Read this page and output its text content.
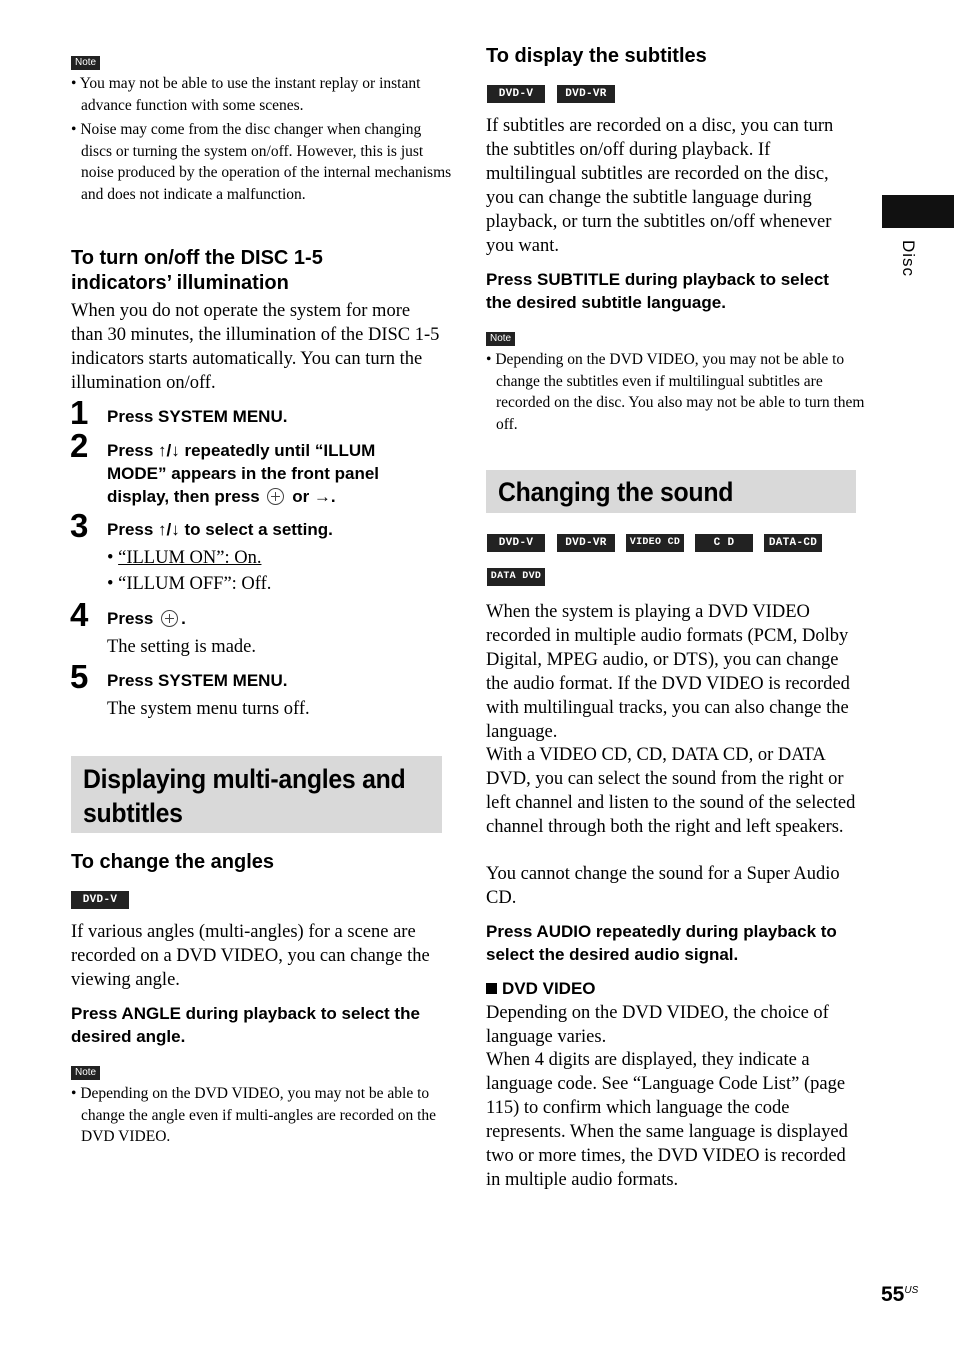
Note
• You may not be able to use the instant replay or instant advance function with some scenes.
• Noise may come from the disc changer when changing discs or turning the system on/off. However, this is just noise produced by the operation of the internal mechanisms and does not indicate a malfunction.
To turn on/off the DISC 1-5 indicators’ illumination
When you do not operate the system for more than 30 minutes, the illumination of the DISC 1-5 indicators starts automatically. You can turn the illumination on/off.
1 Press SYSTEM MENU.
2 Press ↑/↓ repeatedly until “ILLUM MODE” appears in the front panel display, then press or →.
3 Press ↑/↓ to select a setting.
• “ILLUM ON”: On.
• “ILLUM OFF”: Off.
4 Press .
The setting is made.
5 Press SYSTEM MENU.
The system menu turns off.
Displaying multi-angles and
subtitles
To change the angles
DVD-V
If various angles (multi-angles) for a scene are recorded on a DVD VIDEO, you can change the viewing angle.
Press ANGLE during playback to select the desired angle.
Note
• Depending on the DVD VIDEO, you may not be able to change the angle even if multi-angles are recorded on the DVD VIDEO.
To display the subtitles
DVD-V	DVD-VR
If subtitles are recorded on a disc, you can turn the subtitles on/off during playback. If multilingual subtitles are recorded on the disc, you can change the subtitle language during playback, or turn the subtitles on/off whenever you want.
Press SUBTITLE during playback to select the desired subtitle language.
Note
• Depending on the DVD VIDEO, you may not be able to change the subtitles even if multilingual subtitles are recorded on the disc. You also may not be able to turn them off.
Changing the sound
DVD-V	DVD-VR	VIDEO CD	C D	DATA-CD
DATA DVD
When the system is playing a DVD VIDEO recorded in multiple audio formats (PCM, Dolby Digital, MPEG audio, or DTS), you can change the audio format. If the DVD VIDEO is recorded with multilingual tracks, you can also change the language.
With a VIDEO CD, CD, DATA CD, or DATA DVD, you can select the sound from the right or left channel and listen to the sound of the selected channel through both the right and left speakers.
You cannot change the sound for a Super Audio CD.
Press AUDIO repeatedly during playback to select the desired audio signal.
DVD VIDEO
Depending on the DVD VIDEO, the choice of language varies.
When 4 digits are displayed, they indicate a language code. See “Language Code List” (page 115) to confirm which language the code represents. When the same language is displayed two or more times, the DVD VIDEO is recorded in multiple audio formats.
Disc
$55^{US}$
